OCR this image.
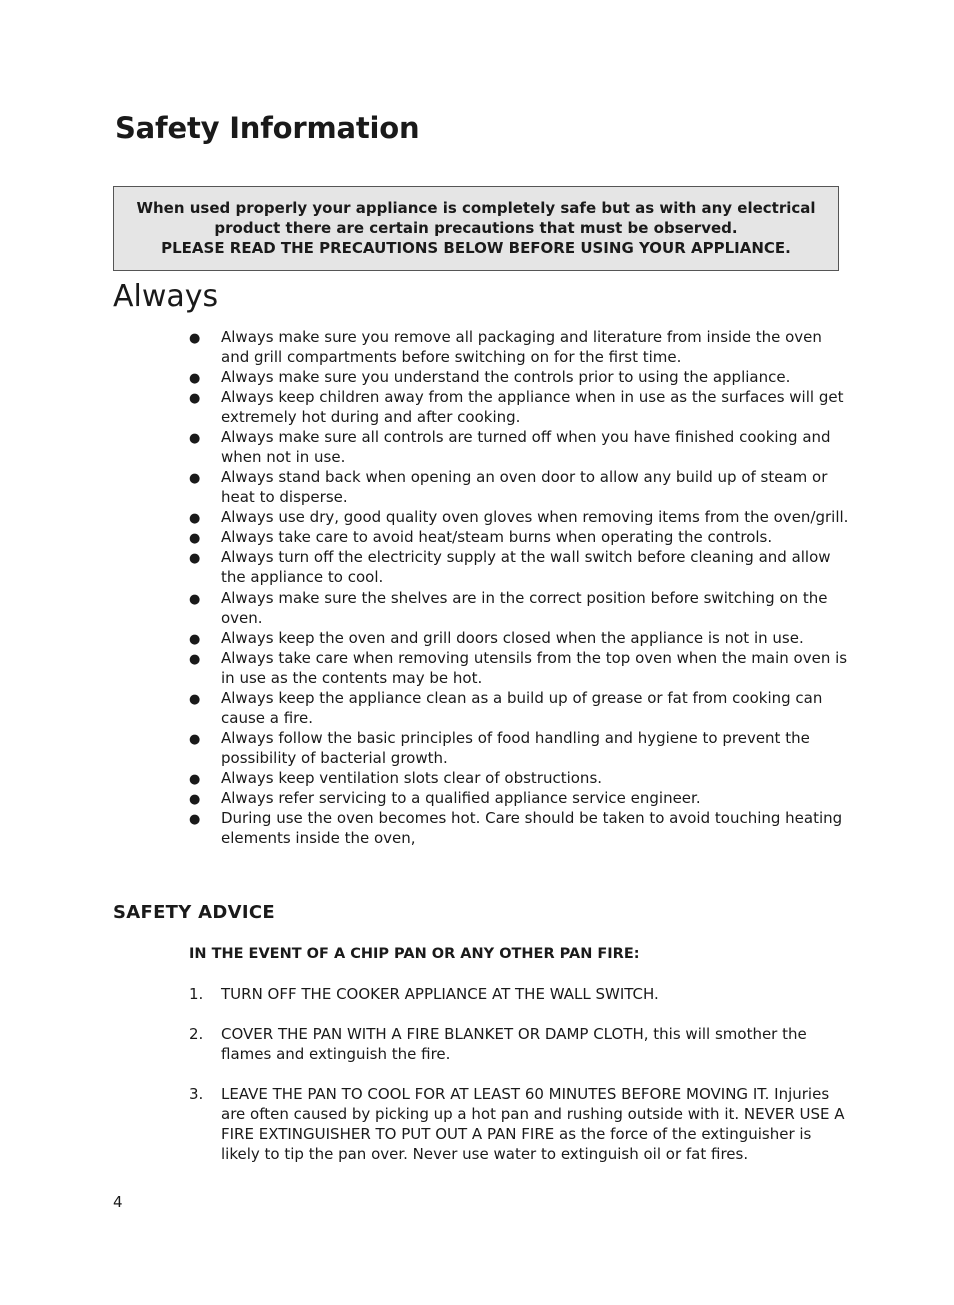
Safety Information
When used properly your appliance is completely safe but as with any electrical
product there are certain precautions that must be observed.
PLEASE READ THE PRECAUTIONS BELOW BEFORE USING YOUR APPLIANCE.
Always
● Always make sure you remove all packaging and literature from inside the oven and grill compartments before switching on for the first time.
● Always make sure you understand the controls prior to using the appliance.
● Always keep children away from the appliance when in use as the surfaces will get extremely hot during and after cooking.
● Always make sure all controls are turned off when you have finished cooking and when not in use.
● Always stand back when opening an oven door to allow any build up of steam or heat to disperse.
● Always use dry, good quality oven gloves when removing items from the oven/grill.
● Always take care to avoid heat/steam burns when operating the controls.
● Always turn off the electricity supply at the wall switch before cleaning and allow the appliance to cool.
● Always make sure the shelves are in the correct position before switching on the oven.
● Always keep the oven and grill doors closed when the appliance is not in use.
● Always take care when removing utensils from the top oven when the main oven is in use as the contents may be hot.
● Always keep the appliance clean as a build up of grease or fat from cooking can cause a fire.
● Always follow the basic principles of food handling and hygiene to prevent the possibility of bacterial growth.
● Always keep ventilation slots clear of obstructions.
● Always refer servicing to a qualified appliance service engineer.
● During use the oven becomes hot. Care should be taken to avoid touching heating elements inside the oven,
SAFETY ADVICE
IN THE EVENT OF A CHIP PAN OR ANY OTHER PAN FIRE:
1.	TURN OFF THE COOKER APPLIANCE AT THE WALL SWITCH.
2.	COVER THE PAN WITH A FIRE BLANKET OR DAMP CLOTH, this will smother the flames and extinguish the fire.
3.	LEAVE THE PAN TO COOL FOR AT LEAST 60 MINUTES BEFORE MOVING IT. Injuries are often caused by picking up a hot pan and rushing outside with it. NEVER USE A FIRE EXTINGUISHER TO PUT OUT A PAN FIRE as the force of the extinguisher is likely to tip the pan over. Never use water to extinguish oil or fat fires.
4
